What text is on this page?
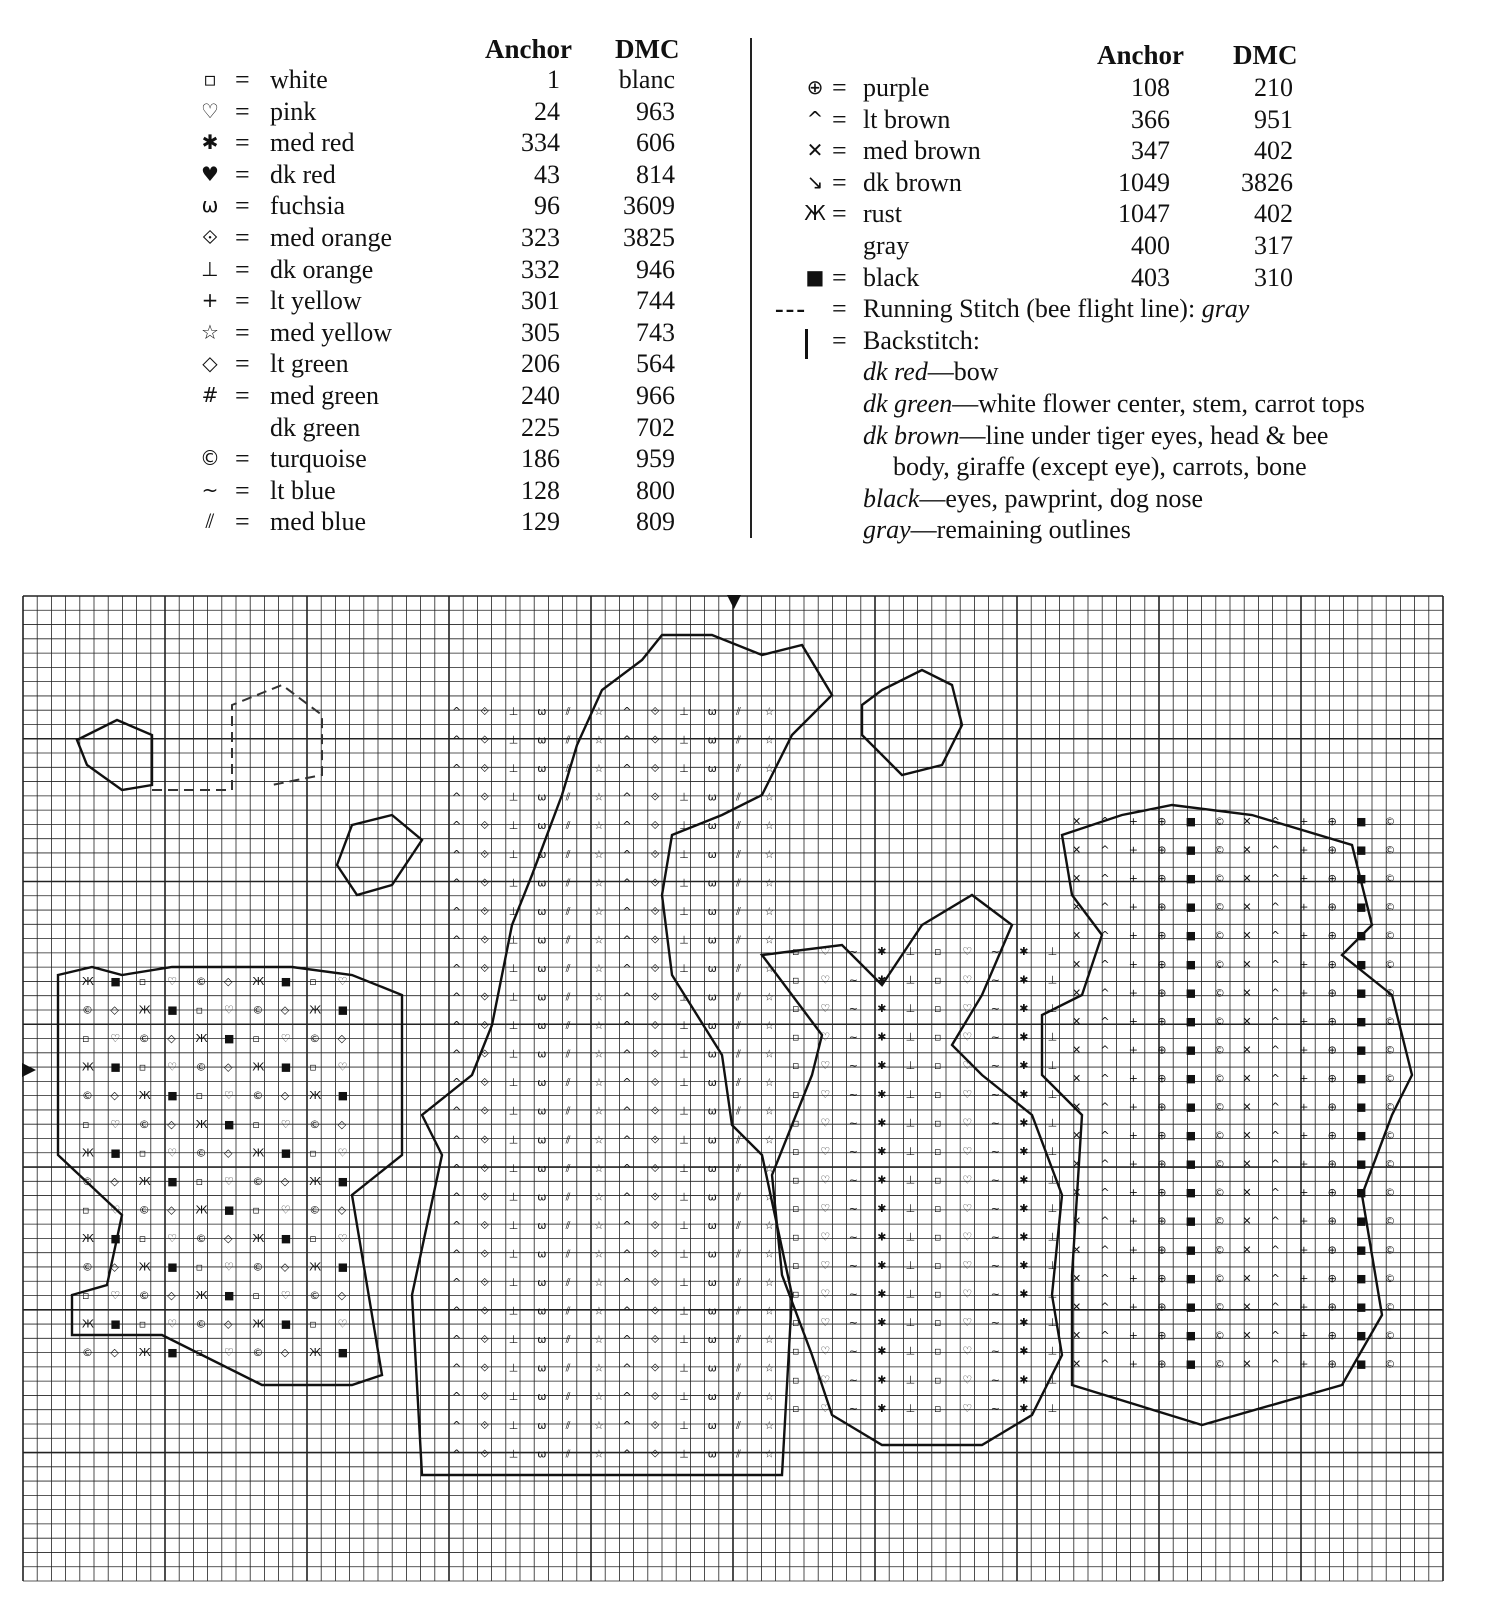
Anchor DMC
▫ = white	1 blanc
♡ = pink	24	963
✱ = med red	334	606
♥ = dk red	43	814
ω = fuchsia	96 3609
⟐ = med orange	323 3825
⊥ = dk orange	332	946
+ = lt yellow	301	744
☆ = med yellow	305	743
◇ = lt green	206	564
# = med green	240	966
dk green	225	702
© = turquoise	186	959
~ = lt blue	128	800
⫽ = med blue	129	809
Anchor DMC
⊕ = purple	108	210
^ = lt brown	366	951
✕ = med brown	347	402
↘ = dk brown	1049	3826
Ж = rust	1047	402
gray	400	317
■ = black	403	310
--- = Running Stitch (bee flight line): gray
= Backstitch:
dk red—bow
dk green—white flower center, stem, carrot tops
dk brown—line under tiger eyes, head & bee
body, giraffe (except eye), carrots, bone
black—eyes, pawprint, dog nose
gray—remaining outlines
Ж ■ ▫ ♡ © ◇ Ж ■ ▫ ♡
© ◇ Ж ■ ▫ ♡ © ◇ Ж ■
▫ ♡ © ◇ Ж ■ ▫ ♡ © ◇
Ж ■ ▫ ♡ © ◇ Ж ■ ▫ ♡
© ◇ Ж ■ ▫ ♡ © ◇ Ж ■
▫ ♡ © ◇ Ж ■ ▫ ♡ © ◇
Ж ■ ▫ ♡ © ◇ Ж ■ ▫ ♡
© ◇ Ж ■ ▫ ♡ © ◇ Ж ■
▫ ♡ © ◇ Ж ■ ▫ ♡ © ◇
Ж ■ ▫ ♡ © ◇ Ж ■ ▫ ♡
© ◇ Ж ■ ▫ ♡ © ◇ Ж ■
▫ ♡ © ◇ Ж ■ ▫ ♡ © ◇
Ж ■ ▫ ♡ © ◇ Ж ■ ▫ ♡
© ◇ Ж ■ ▫ ♡ © ◇ Ж ■
^ ⟐ ⊥ ω ⫽ ☆ ^ ⟐ ⊥ ω ⫽ ☆
^ ⟐ ⊥ ω ⫽ ☆ ^ ⟐ ⊥ ω ⫽ ☆
^ ⟐ ⊥ ω ⫽ ☆ ^ ⟐ ⊥ ω ⫽ ☆
^ ⟐ ⊥ ω ⫽ ☆ ^ ⟐ ⊥ ω ⫽ ☆
^ ⟐ ⊥ ω ⫽ ☆ ^ ⟐ ⊥ ω ⫽ ☆
^ ⟐ ⊥ ω ⫽ ☆ ^ ⟐ ⊥ ω ⫽ ☆
^ ⟐ ⊥ ω ⫽ ☆ ^ ⟐ ⊥ ω ⫽ ☆
^ ⟐ ⊥ ω ⫽ ☆ ^ ⟐ ⊥ ω ⫽ ☆
^ ⟐ ⊥ ω ⫽ ☆ ^ ⟐ ⊥ ω ⫽ ☆
^ ⟐ ⊥ ω ⫽ ☆ ^ ⟐ ⊥ ω ⫽ ☆
^ ⟐ ⊥ ω ⫽ ☆ ^ ⟐ ⊥ ω ⫽ ☆
^ ⟐ ⊥ ω ⫽ ☆ ^ ⟐ ⊥ ω ⫽ ☆
^ ⟐ ⊥ ω ⫽ ☆ ^ ⟐ ⊥ ω ⫽ ☆
^ ⟐ ⊥ ω ⫽ ☆ ^ ⟐ ⊥ ω ⫽ ☆
^ ⟐ ⊥ ω ⫽ ☆ ^ ⟐ ⊥ ω ⫽ ☆
^ ⟐ ⊥ ω ⫽ ☆ ^ ⟐ ⊥ ω ⫽ ☆
^ ⟐ ⊥ ω ⫽ ☆ ^ ⟐ ⊥ ω ⫽ ☆
^ ⟐ ⊥ ω ⫽ ☆ ^ ⟐ ⊥ ω ⫽ ☆
^ ⟐ ⊥ ω ⫽ ☆ ^ ⟐ ⊥ ω ⫽ ☆
^ ⟐ ⊥ ω ⫽ ☆ ^ ⟐ ⊥ ω ⫽ ☆
^ ⟐ ⊥ ω ⫽ ☆ ^ ⟐ ⊥ ω ⫽ ☆
^ ⟐ ⊥ ω ⫽ ☆ ^ ⟐ ⊥ ω ⫽ ☆
^ ⟐ ⊥ ω ⫽ ☆ ^ ⟐ ⊥ ω ⫽ ☆
^ ⟐ ⊥ ω ⫽ ☆ ^ ⟐ ⊥ ω ⫽ ☆
^ ⟐ ⊥ ω ⫽ ☆ ^ ⟐ ⊥ ω ⫽ ☆
^ ⟐ ⊥ ω ⫽ ☆ ^ ⟐ ⊥ ω ⫽ ☆
^ ⟐ ⊥ ω ⫽ ☆ ^ ⟐ ⊥ ω ⫽ ☆
▫ ♡ ~ ✱ ⊥ ▫ ♡ ~ ✱ ⊥
▫ ♡ ~ ✱ ⊥ ▫ ♡ ~ ✱ ⊥
▫ ♡ ~ ✱ ⊥ ▫ ♡ ~ ✱ ⊥
▫ ♡ ~ ✱ ⊥ ▫ ♡ ~ ✱ ⊥
▫ ♡ ~ ✱ ⊥ ▫ ♡ ~ ✱ ⊥
▫ ♡ ~ ✱ ⊥ ▫ ♡ ~ ✱ ⊥
▫ ♡ ~ ✱ ⊥ ▫ ♡ ~ ✱ ⊥
▫ ♡ ~ ✱ ⊥ ▫ ♡ ~ ✱ ⊥
▫ ♡ ~ ✱ ⊥ ▫ ♡ ~ ✱ ⊥
▫ ♡ ~ ✱ ⊥ ▫ ♡ ~ ✱ ⊥
▫ ♡ ~ ✱ ⊥ ▫ ♡ ~ ✱ ⊥
▫ ♡ ~ ✱ ⊥ ▫ ♡ ~ ✱ ⊥
▫ ♡ ~ ✱ ⊥ ▫ ♡ ~ ✱ ⊥
▫ ♡ ~ ✱ ⊥ ▫ ♡ ~ ✱ ⊥
▫ ♡ ~ ✱ ⊥ ▫ ♡ ~ ✱ ⊥
▫ ♡ ~ ✱ ⊥ ▫ ♡ ~ ✱ ⊥
▫ ♡ ~ ✱ ⊥ ▫ ♡ ~ ✱ ⊥
✕ ^ + ⊕ ■ © ✕ ^ + ⊕ ■ ©
✕ ^ + ⊕ ■ © ✕ ^ + ⊕ ■ ©
✕ ^ + ⊕ ■ © ✕ ^ + ⊕ ■ ©
✕ ^ + ⊕ ■ © ✕ ^ + ⊕ ■ ©
✕ ^ + ⊕ ■ © ✕ ^ + ⊕ ■ ©
✕ ^ + ⊕ ■ © ✕ ^ + ⊕ ■ ©
✕ ^ + ⊕ ■ © ✕ ^ + ⊕ ■ ©
✕ ^ + ⊕ ■ © ✕ ^ + ⊕ ■ ©
✕ ^ + ⊕ ■ © ✕ ^ + ⊕ ■ ©
✕ ^ + ⊕ ■ © ✕ ^ + ⊕ ■ ©
✕ ^ + ⊕ ■ © ✕ ^ + ⊕ ■ ©
✕ ^ + ⊕ ■ © ✕ ^ + ⊕ ■ ©
✕ ^ + ⊕ ■ © ✕ ^ + ⊕ ■ ©
✕ ^ + ⊕ ■ © ✕ ^ + ⊕ ■ ©
✕ ^ + ⊕ ■ © ✕ ^ + ⊕ ■ ©
✕ ^ + ⊕ ■ © ✕ ^ + ⊕ ■ ©
✕ ^ + ⊕ ■ © ✕ ^ + ⊕ ■ ©
✕ ^ + ⊕ ■ © ✕ ^ + ⊕ ■ ©
✕ ^ + ⊕ ■ © ✕ ^ + ⊕ ■ ©
✕ ^ + ⊕ ■ © ✕ ^ + ⊕ ■ ©
